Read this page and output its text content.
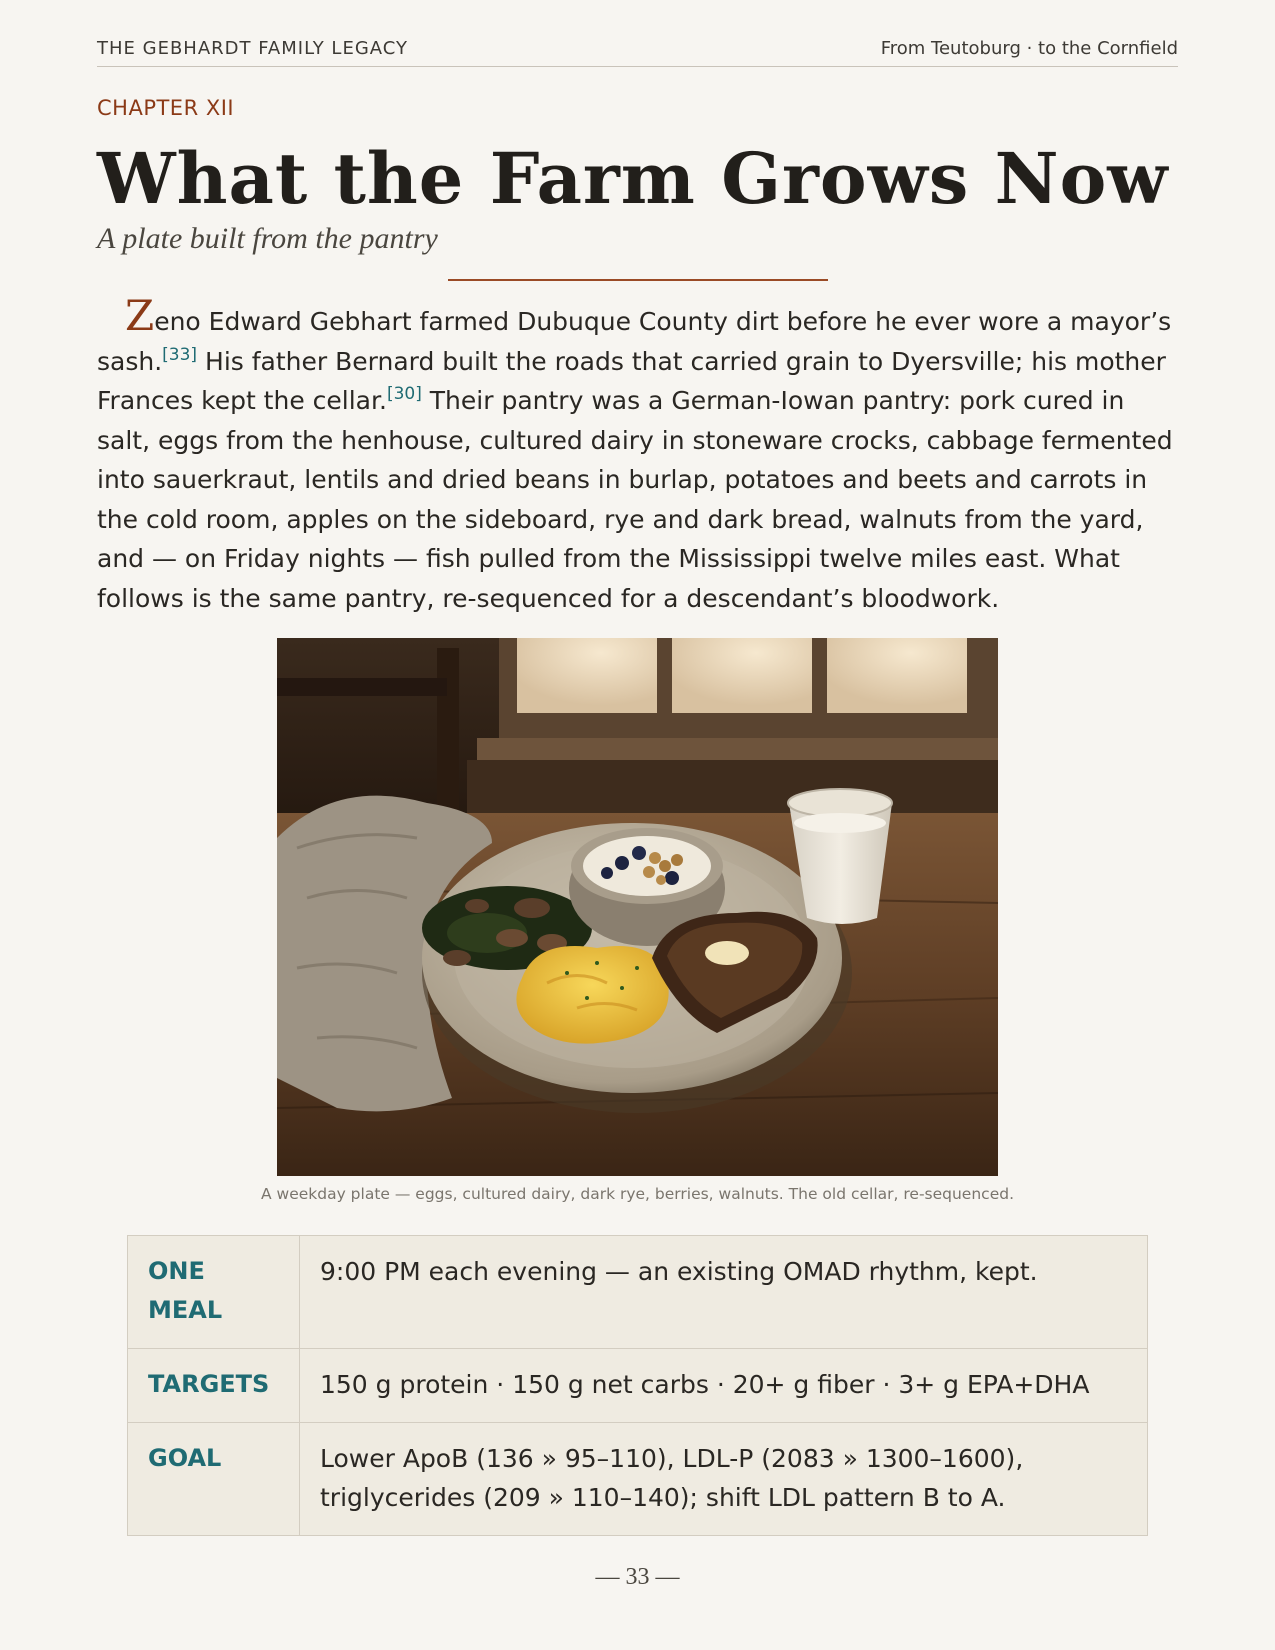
THE GEBHARDT FAMILY LEGACY	From Teutoburg · to the Cornfield
CHAPTER XII
What the Farm Grows Now
A plate built from the pantry

Zeno Edward Gebhart farmed Dubuque County dirt before he ever wore a mayor’s sash.[33] His father Bernard built the roads that carried grain to Dyersville; his mother Frances kept the cellar.[30] Their pantry was a German-Iowan pantry: pork cured in salt, eggs from the henhouse, cultured dairy in stoneware crocks, cabbage fermented into sauerkraut, lentils and dried beans in burlap, potatoes and beets and carrots in the cold room, apples on the sideboard, rye and dark bread, walnuts from the yard, and — on Friday nights — fish pulled from the Mississippi twelve miles east. What follows is the same pantry, re-sequenced for a descendant’s bloodwork.

A weekday plate — eggs, cultured dairy, dark rye, berries, walnuts. The old cellar, re-sequenced.
ONE MEAL	9:00 PM each evening — an existing OMAD rhythm, kept.
TARGETS	150 g protein · 150 g net carbs · 20+ g fiber · 3+ g EPA+DHA
GOAL	Lower ApoB (136 » 95–110), LDL-P (2083 » 1300–1600), triglycerides (209 » 110–140); shift LDL pattern B to A.
— 33 —
